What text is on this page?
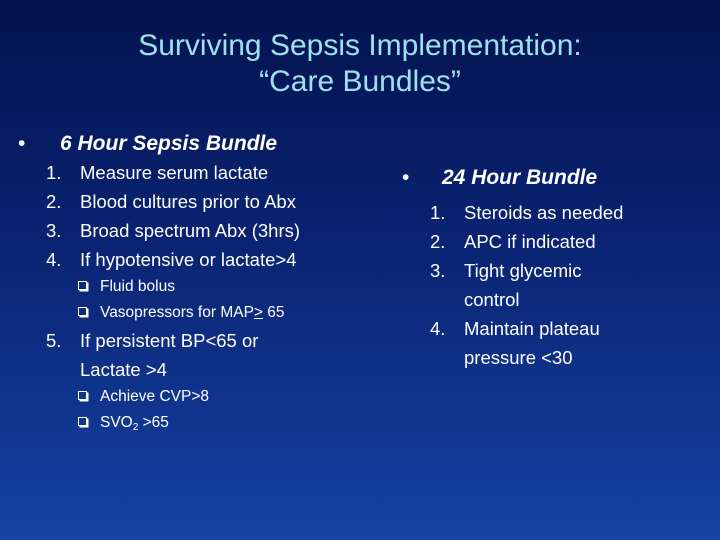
Surviving Sepsis Implementation:
“Care Bundles”
• 6 Hour Sepsis Bundle
1. Measure serum lactate
2. Blood cultures prior to Abx
3. Broad spectrum Abx (3hrs)
4. If hypotensive or lactate>4
Fluid bolus
Vasopressors for MAP≥ 65
5. If persistent BP<65 or
Lactate >4
Achieve CVP>8
$SVO_2 >65$
• 24 Hour Bundle
1. Steroids as needed
2. APC if indicated
3. Tight glycemic
control
4. Maintain plateau
pressure <30
